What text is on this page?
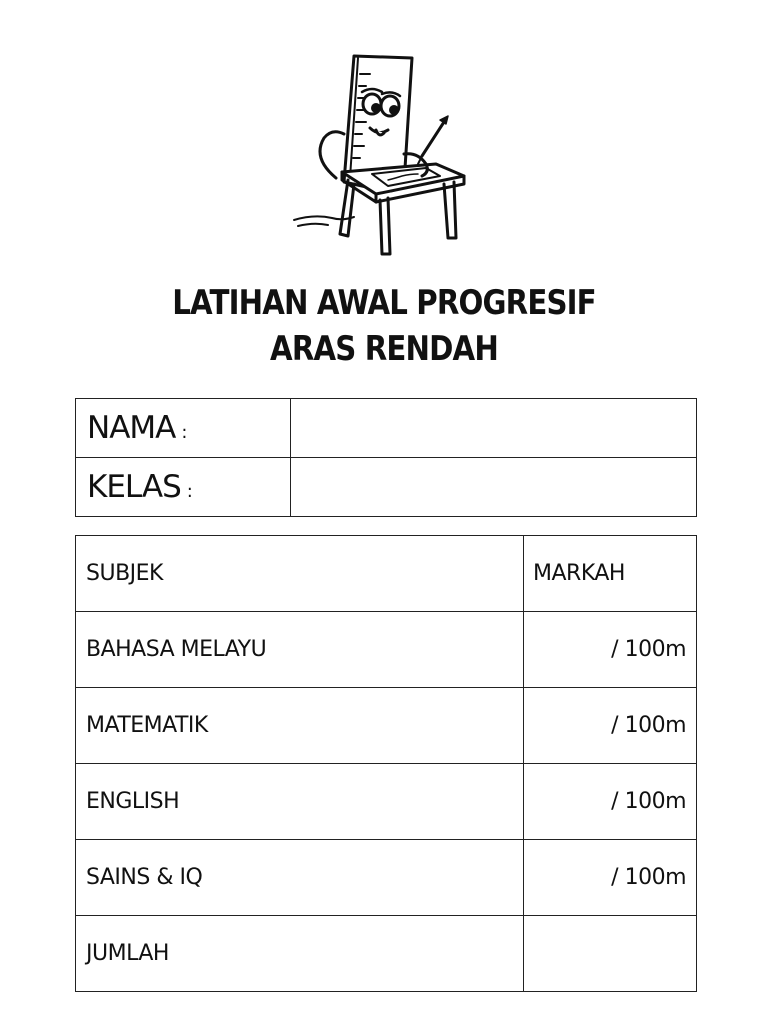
LATIHAN AWAL PROGRESIF
ARAS RENDAH
NAMA :	
KELAS :	
SUBJEK	MARKAH
BAHASA MELAYU	/ 100m
MATEMATIK	/ 100m
ENGLISH	/ 100m
SAINS & IQ	/ 100m
JUMLAH	
